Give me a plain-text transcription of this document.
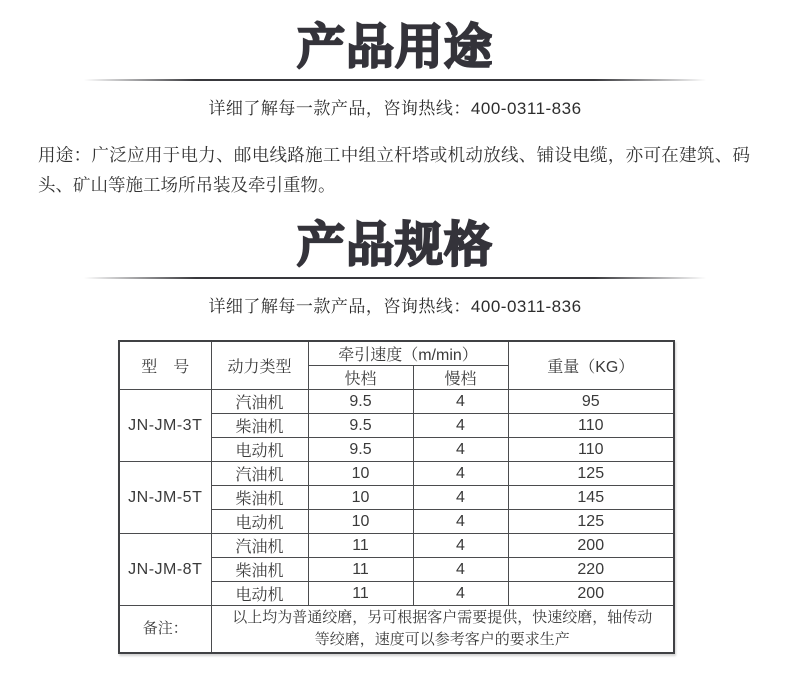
产品用途
详细了解每一款产品，咨询热线：400-0311-836

用途：广泛应用于电力、邮电线路施工中组立杆塔或机动放线、铺设电缆，亦可在建筑、码头、矿山等施工场所吊装及牵引重物。

产品规格
详细了解每一款产品，咨询热线：400-0311-836
型　号	动力类型	牵引速度（m/min）		重量（KG）
		快档	慢档	
JN-JM-3T	汽油机	9.5	4	95
	柴油机	9.5	4	110
	电动机	9.5	4	110
JN-JM-5T	汽油机	10	4	125
	柴油机	10	4	145
	电动机	10	4	125
JN-JM-8T	汽油机	11	4	200
	柴油机	11	4	220
	电动机	11	4	200
备注：	以上均为普通绞磨，另可根据客户需要提供，快速绞磨，轴传动
等绞磨，速度可以参考客户的要求生产			
